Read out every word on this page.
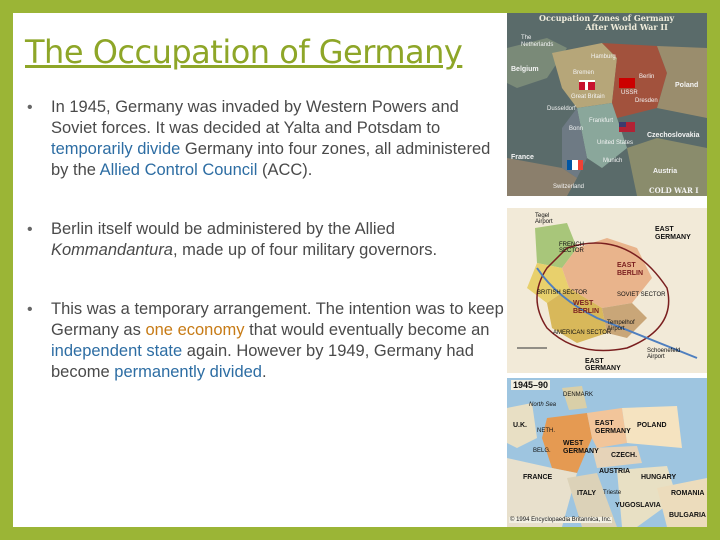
The Occupation of Germany
• In 1945, Germany was invaded by Western Powers and Soviet forces. It was decided at Yalta and Potsdam to temporarily divide Germany into four zones, all administered by the Allied Control Council (ACC).
• Berlin itself would be administered by the Allied Kommandantura, made up of four military governors.
• This was a temporary arrangement. The intention was to keep Germany as one economy that would eventually become an independent state again. However by 1949, Germany had become permanently divided.
Occupation Zones of Germany
After World War II
The Netherlands
Belgium
Hamburg
Bremen
Berlin
Poland
Great Britain
Dresden
Dusseldorf
USSR
Frankfurt
Bonn
Czechoslovakia
United States
France	Munich
Austria
Switzerland	COLD WAR I
Tegel Airport
FRENCH SECTOR
EAST GERMANY
EAST BERLIN
BRITISH SECTOR	SOVIET SECTOR
WEST BERLIN
AMERICAN SECTOR
Tempelhof Airport
Schoenefeld Airport
EAST GERMANY
1945–90
DENMARK
North Sea
U.K.
NETH.
EAST GERMANY
POLAND
WEST GERMANY
BELG.
CZECH.
FRANCE
AUSTRIA
HUNGARY
ITALY Trieste
YUGOSLAVIA
ROMANIA
BULGARIA
© 1994 Encyclopaedia Britannica, Inc.
